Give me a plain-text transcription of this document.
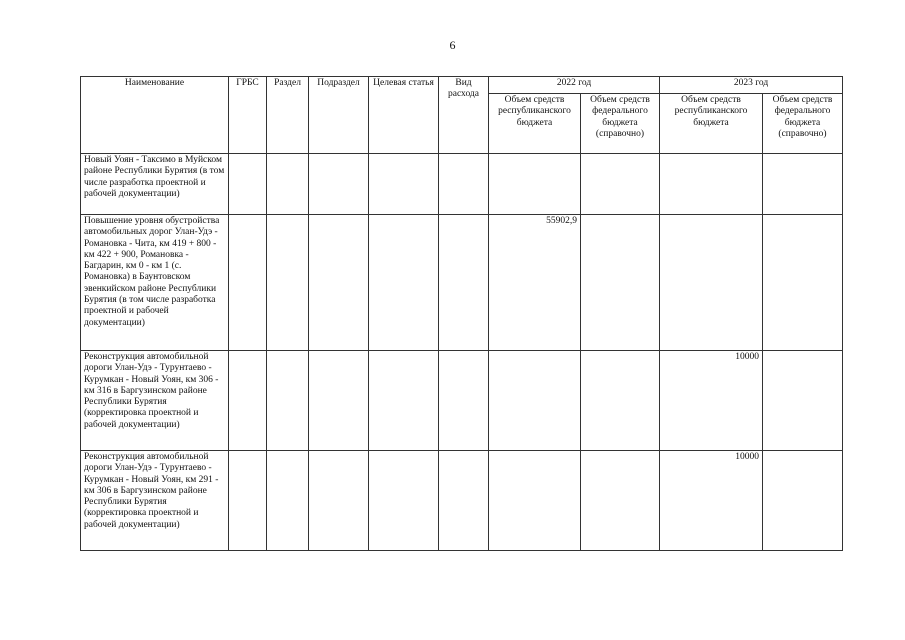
6
Наименование	ГРБС	Раздел	Подраздел	Целевая статья	Вид расхода	2022 год		2023 год	
						Объем средств республиканского бюджета	Объем средств федерального бюджета (справочно)	Объем средств республиканского бюджета	Объем средств федерального бюджета (справочно)
Новый Уоян - Таксимо в Муйском районе Республики Бурятия (в том числе разработка проектной и рабочей документации)									
Повышение уровня обустройства автомобильных дорог Улан-Удэ - Романовка - Чита, км 419 + 800 - км 422 + 900, Романовка - Багдарин, км 0 - км 1 (с. Романовка) в Баунтовском эвенкийском районе Республики Бурятия (в том числе разработка проектной и рабочей документации)						55902,9			
Реконструкция автомобильной дороги Улан-Удэ - Турунтаево - Курумкан - Новый Уоян, км 306 - км 316 в Баргузинском районе Республики Бурятия (корректировка проектной и рабочей документации)								10000	
Реконструкция автомобильной дороги Улан-Удэ - Турунтаево - Курумкан - Новый Уоян, км 291 - км 306 в Баргузинском районе Республики Бурятия (корректировка проектной и рабочей документации)								10000	
